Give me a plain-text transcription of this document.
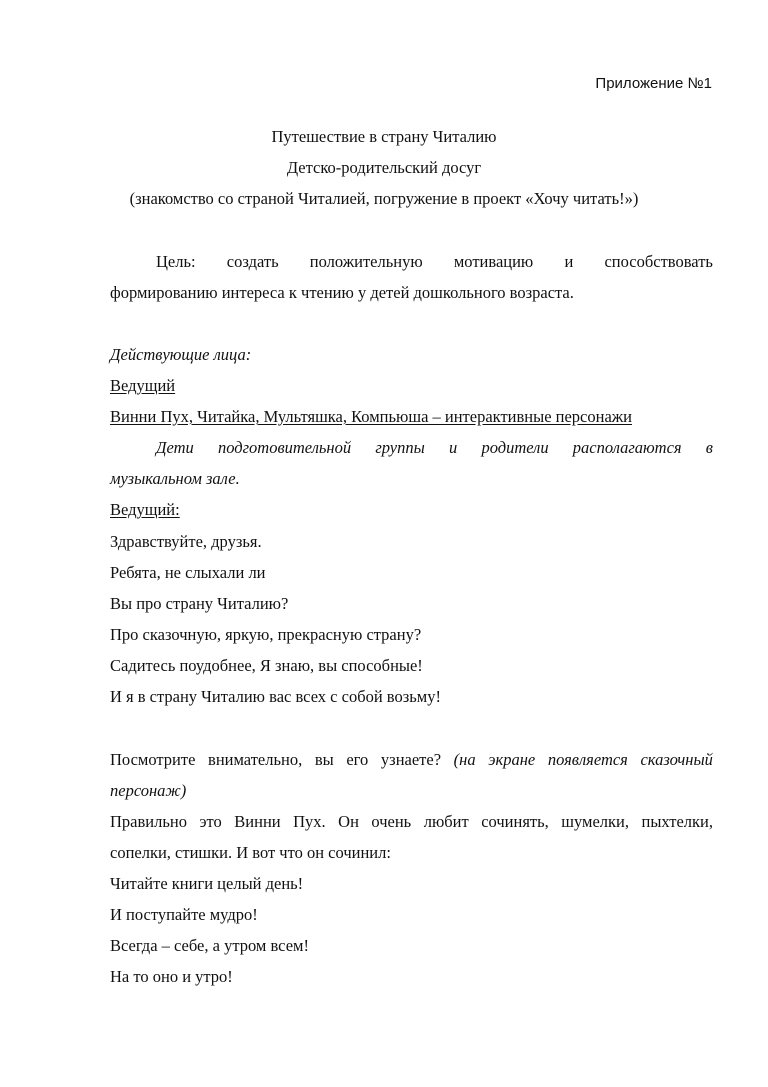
Приложение №1
Путешествие в страну Читалию
Детско-родительский досуг
(знакомство со страной Читалией, погружение в проект «Хочу читать!»)
Цель: создать положительную мотивацию и способствовать
формированию интереса к чтению у детей дошкольного возраста.
Действующие лица:
Ведущий
Винни Пух, Читайка, Мультяшка, Компьюша – интерактивные персонажи
Дети подготовительной группы и родители располагаются в
музыкальном зале.
Ведущий:
Здравствуйте, друзья.
Ребята, не слыхали ли
Вы про страну Читалию?
Про сказочную, яркую, прекрасную страну?
Садитесь поудобнее, Я знаю, вы способные!
И я в страну Читалию вас всех с собой возьму!
Посмотрите внимательно, вы его узнаете? (на экране появляется сказочный
персонаж)
Правильно это Винни Пух. Он очень любит сочинять, шумелки, пыхтелки,
сопелки, стишки. И вот что он сочинил:
Читайте книги целый день!
И поступайте мудро!
Всегда – себе, а утром всем!
На то оно и утро!
